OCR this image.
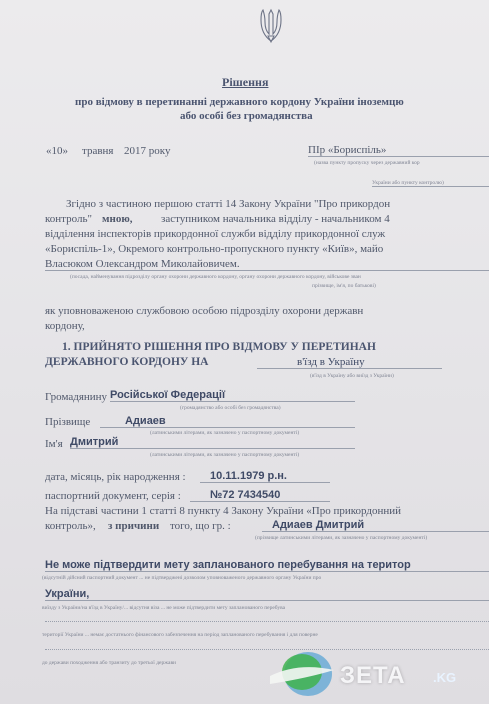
Рішення
про відмову в перетинанні державного кордону України іноземцю
або особі без громадянства
«10» травня 2017 року	ПІр «Бориспіль»
(назва пункту пропуску через державний кор
України або пункту контролю)
Згідно з частиною першою статті 14 Закону України "Про прикордон
контроль" мною,	заступником начальника відділу - начальником 4
відділення інспекторів прикордонної служби відділу прикордонної служ
«Бориспіль-1», Окремого контрольно-пропускного пункту «Київ», майо
Власюком Олександром Миколайовичем.
(посада, найменування підрозділу органу охорони державного кордону, органу охорони державного кордону, військове зван
прізвище, ім'я, по батькові)
як уповноваженою службовою особою підрозділу охорони державн
кордону,
1. ПРИЙНЯТО РІШЕННЯ ПРО ВІДМОВУ У ПЕРЕТИНАН
ДЕРЖАВНОГО КОРДОНУ НА	в'їзд в Україну
(в'їзд в Україну або виїзд з України)
Громадянину Російської Федерації
(громадянство або особі без громадянства)
Прізвище	Адиаев
(латинськими літерами, як зазначено у паспортному документі)
Ім'я Дмитрий
(латинськими літерами, як зазначено у паспортному документі)
дата, місяць, рік народження :	10.11.1979 р.н.
паспортний документ, серія :	№72 7434540
На підставі частини 1 статті 8 пункту 4 Закону України «Про прикордонний
контроль», з причини того, що гр. :	Адиаев Дмитрий
(прізвище латинськими літерами, як зазначено у паспортному документі)
Не може підтвердити мету запланованого перебування на територ
(відсутній дійсний паспортний документ ... не підтверджені дозволом уповноваженого державного органу України про
України,
виїзду з України/на в'їзд в Україну/... відсутня віза ... не може підтвердити мету запланованого перебува
території України ... немає достатнього фінансового забезпечення на період запланованого перебування і для поверне
до держави походження або транзиту до третьої держави	ЗЕТА .KG
